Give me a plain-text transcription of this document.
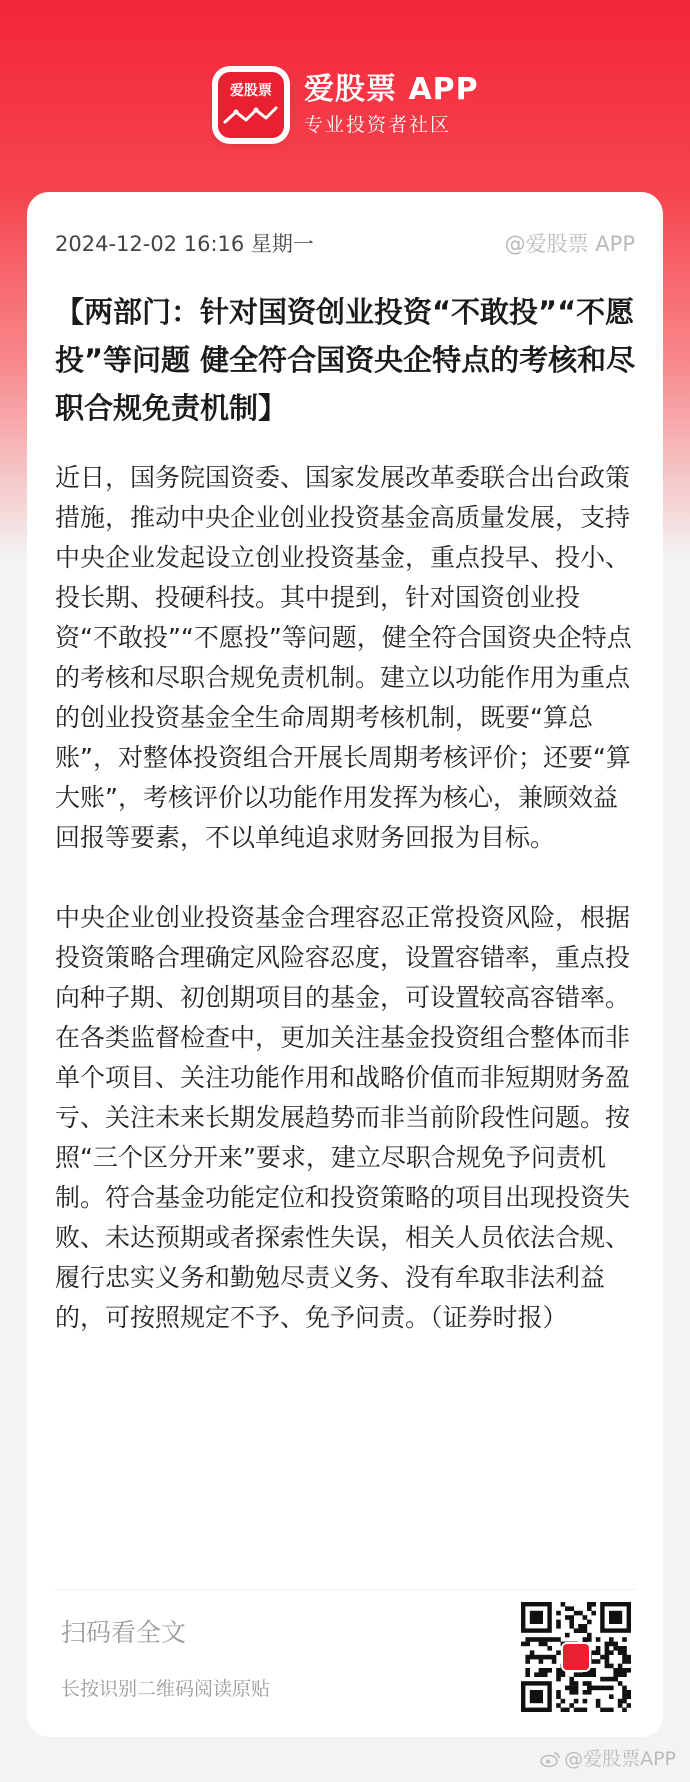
爱股票	爱股票 APP
专业投资者社区
2024-12-02 16:16 星期一	@爱股票 APP
【两部门：针对国资创业投资“不敢投”“不愿投”等问题 健全符合国资央企特点的考核和尽职合规免责机制】

近日，国务院国资委、国家发展改革委联合出台政策措施，推动中央企业创业投资基金高质量发展，支持中央企业发起设立创业投资基金，重点投早、投小、投长期、投硬科技。其中提到，针对国资创业投资“不敢投”“不愿投”等问题，健全符合国资央企特点的考核和尽职合规免责机制。建立以功能作用为重点的创业投资基金全生命周期考核机制，既要“算总账”，对整体投资组合开展长周期考核评价；还要“算大账”，考核评价以功能作用发挥为核心，兼顾效益回报等要素，不以单纯追求财务回报为目标。

中央企业创业投资基金合理容忍正常投资风险，根据投资策略合理确定风险容忍度，设置容错率，重点投向种子期、初创期项目的基金，可设置较高容错率。在各类监督检查中，更加关注基金投资组合整体而非单个项目、关注功能作用和战略价值而非短期财务盈亏、关注未来长期发展趋势而非当前阶段性问题。按照“三个区分开来”要求，建立尽职合规免予问责机制。符合基金功能定位和投资策略的项目出现投资失败、未达预期或者探索性失误，相关人员依法合规、履行忠实义务和勤勉尽责义务、没有牟取非法利益的，可按照规定不予、免予问责。（证券时报）

扫码看全文
长按识别二维码阅读原贴
@爱股票APP
